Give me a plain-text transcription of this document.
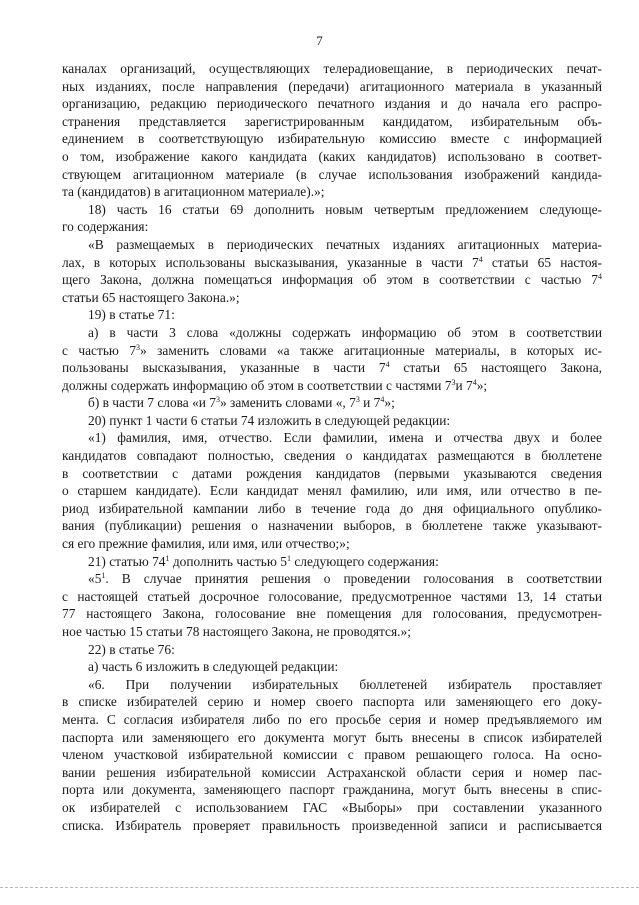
7
каналах организаций, осуществляющих телерадиовещание, в периодических печат-
ных изданиях, после направления (передачи) агитационного материала в указанный
организацию, редакцию периодического печатного издания и до начала его распро-
странения представляется зарегистрированным кандидатом, избирательным объ-
единением в соответствующую избирательную комиссию вместе с информацией
о том, изображение какого кандидата (каких кандидатов) использовано в соответ-
ствующем агитационном материале (в случае использования изображений кандида-
та (кандидатов) в агитационном материале).»;
18) часть 16 статьи 69 дополнить новым четвертым предложением следующе-
го содержания:
«В размещаемых в периодических печатных изданиях агитационных материа-
лах, в которых использованы высказывания, указанные в части $7^4$ статьи 65 настоя-
щего Закона, должна помещаться информация об этом в соответствии с частью $7^4$
статьи 65 настоящего Закона.»;
19) в статье 71:
а) в части 3 слова «должны содержать информацию об этом в соответствии
с частью $7^3$» заменить словами «а также агитационные материалы, в которых ис-
пользованы высказывания, указанные в части $7^4$ статьи 65 настоящего Закона,
должны содержать информацию об этом в соответствии с частями $7^3и$ $7^4$»;
б) в части 7 слова «и $7^3$» заменить словами «, $7^3$ и $7^4$»;
20) пункт 1 части 6 статьи 74 изложить в следующей редакции:
«1) фамилия, имя, отчество. Если фамилии, имена и отчества двух и более
кандидатов совпадают полностью, сведения о кандидатах размещаются в бюллетене
в соответствии с датами рождения кандидатов (первыми указываются сведения
о старшем кандидате). Если кандидат менял фамилию, или имя, или отчество в пе-
риод избирательной кампании либо в течение года до дня официального опублико-
вания (публикации) решения о назначении выборов, в бюллетене также указывают-
ся его прежние фамилия, или имя, или отчество;»;
21) статью $74^1$ дополнить частью $5^1$ следующего содержания:
«$5^1$. В случае принятия решения о проведении голосования в соответствии
с настоящей статьей досрочное голосование, предусмотренное частями 13, 14 статьи
77 настоящего Закона, голосование вне помещения для голосования, предусмотрен-
ное частью 15 статьи 78 настоящего Закона, не проводятся.»;
22) в статье 76:
а) часть 6 изложить в следующей редакции:
«6. При получении избирательных бюллетеней избиратель проставляет
в списке избирателей серию и номер своего паспорта или заменяющего его доку-
мента. С согласия избирателя либо по его просьбе серия и номер предъявляемого им
паспорта или заменяющего его документа могут быть внесены в список избирателей
членом участковой избирательной комиссии с правом решающего голоса. На осно-
вании решения избирательной комиссии Астраханской области серия и номер пас-
порта или документа, заменяющего паспорт гражданина, могут быть внесены в спис-
ок избирателей с использованием ГАС «Выборы» при составлении указанного
списка. Избиратель проверяет правильность произведенной записи и расписывается
